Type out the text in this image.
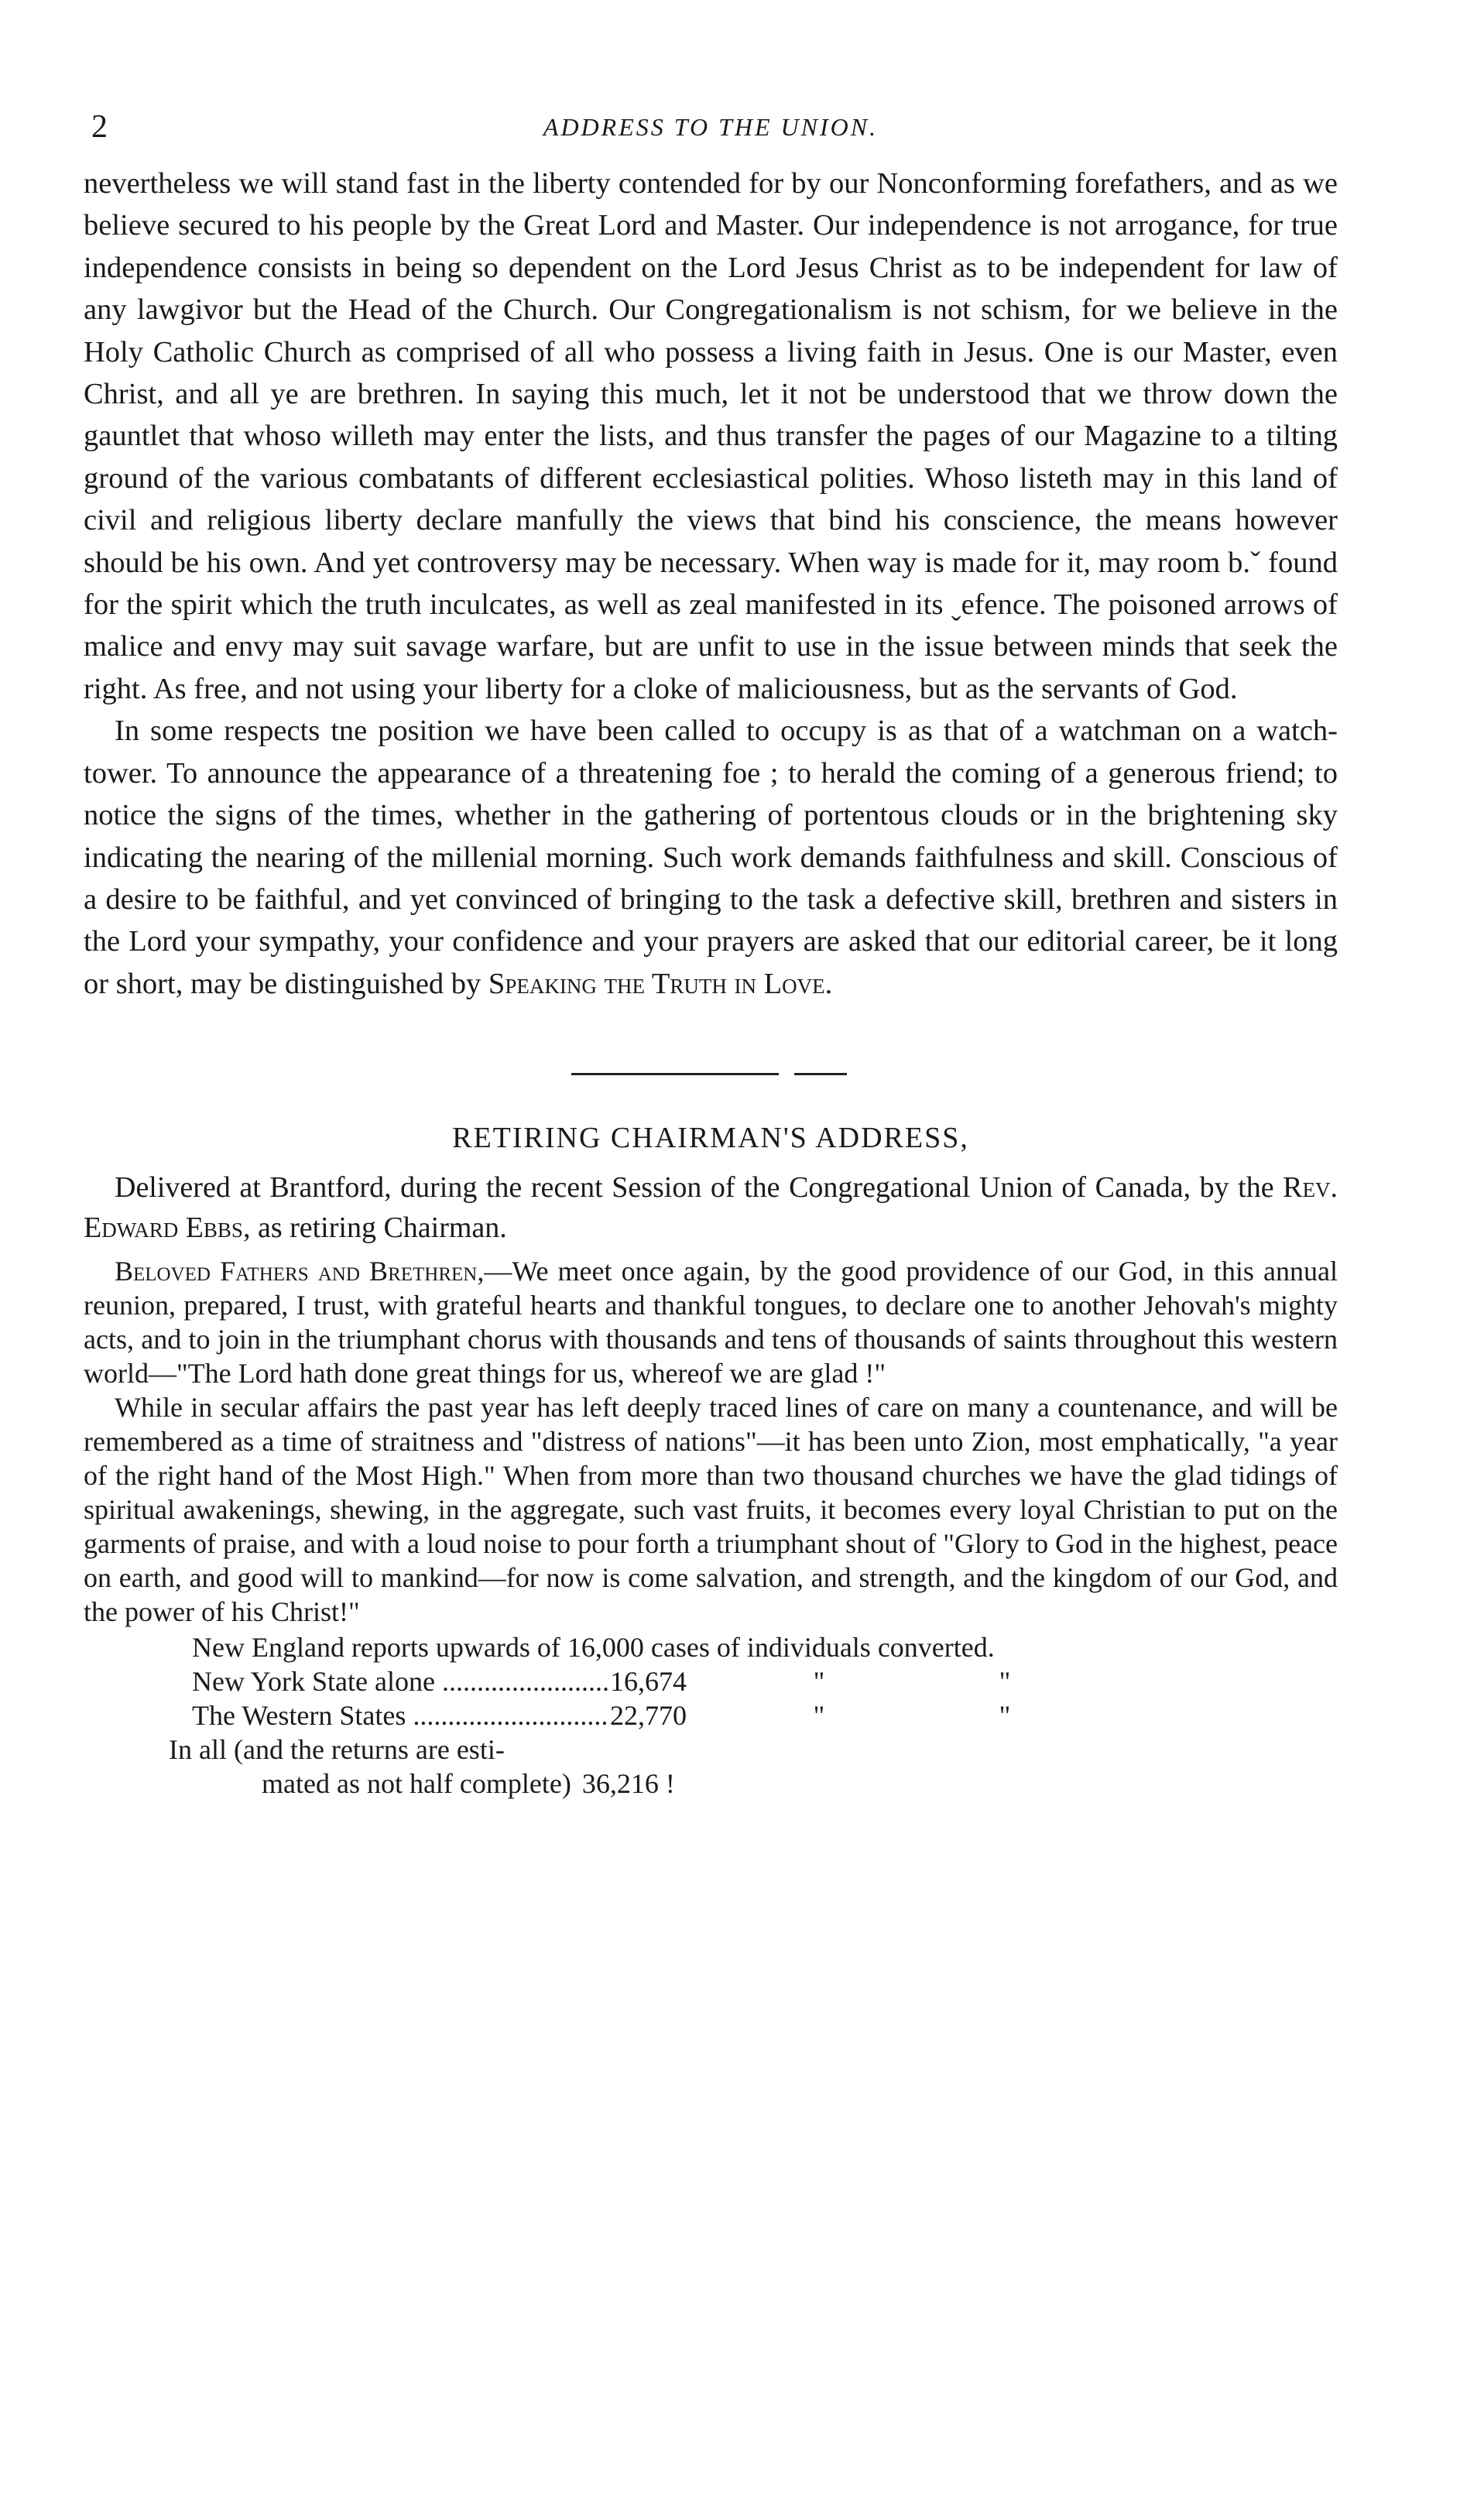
2	ADDRESS TO THE UNION.

nevertheless we will stand fast in the liberty contended for by our Nonconforming forefathers, and as we believe secured to his people by the Great Lord and Master. Our independence is not arrogance, for true independence consists in being so dependent on the Lord Jesus Christ as to be independent for law of any lawgivor but the Head of the Church. Our Congregationalism is not schism, for we believe in the Holy Catholic Church as comprised of all who possess a living faith in Jesus. One is our Master, even Christ, and all ye are brethren. In saying this much, let it not be understood that we throw down the gauntlet that whoso willeth may enter the lists, and thus transfer the pages of our Magazine to a tilting ground of the various combatants of different ecclesiastical polities. Whoso listeth may in this land of civil and religious liberty declare manfully the views that bind his conscience, the means however should be his own. And yet controversy may be necessary. When way is made for it, may room b.ˇ found for the spirit which the truth inculcates, as well as zeal manifested in its ˬefence. The poisoned arrows of malice and envy may suit savage warfare, but are unfit to use in the issue between minds that seek the right. As free, and not using your liberty for a cloke of maliciousness, but as the servants of God.

In some respects tne position we have been called to occupy is as that of a watchman on a watch-tower. To announce the appearance of a threatening foe ; to herald the coming of a generous friend; to notice the signs of the times, whether in the gathering of portentous clouds or in the brightening sky indicating the nearing of the millenial morning. Such work demands faithfulness and skill. Conscious of a desire to be faithful, and yet convinced of bringing to the task a defective skill, brethren and sisters in the Lord your sympathy, your confidence and your prayers are asked that our editorial career, be it long or short, may be distinguished by Speaking the Truth in Love.

RETIRING CHAIRMAN'S ADDRESS,

Delivered at Brantford, during the recent Session of the Congregational Union of Canada, by the Rev. Edward Ebbs, as retiring Chairman.

Beloved Fathers and Brethren,—We meet once again, by the good providence of our God, in this annual reunion, prepared, I trust, with grateful hearts and thankful tongues, to declare one to another Jehovah's mighty acts, and to join in the triumphant chorus with thousands and tens of thousands of saints throughout this western world—"The Lord hath done great things for us, whereof we are glad !"

While in secular affairs the past year has left deeply traced lines of care on many a countenance, and will be remembered as a time of straitness and "distress of nations"—it has been unto Zion, most emphatically, "a year of the right hand of the Most High." When from more than two thousand churches we have the glad tidings of spiritual awakenings, shewing, in the aggregate, such vast fruits, it becomes every loyal Christian to put on the garments of praise, and with a loud noise to pour forth a triumphant shout of "Glory to God in the highest, peace on earth, and good will to mankind—for now is come salvation, and strength, and the kingdom of our God, and the power of his Christ!"

New England reports upwards of 16,000 cases of individuals converted.
New York State alone .....	16,674	"	"
The Western States .....	22,770	"	"
In all (and the returns are esti-
mated as not half complete) 36,216 !
